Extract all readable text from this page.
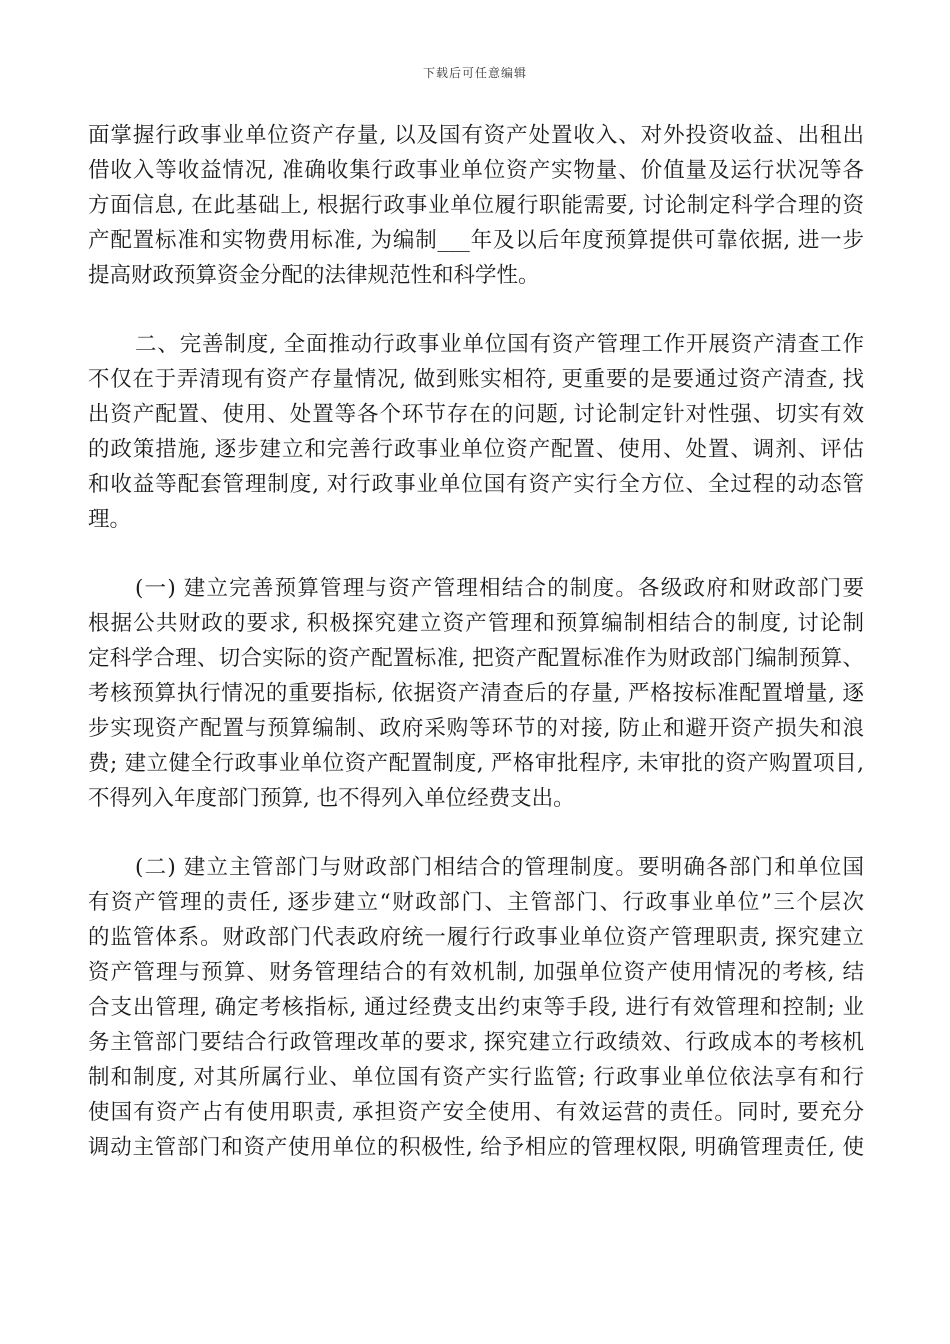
下载后可任意编辑
面掌握行政事业单位资产存量, 以及国有资产处置收入、对外投资收益、出租出
借收入等收益情况, 准确收集行政事业单位资产实物量、价值量及运行状况等各
方面信息, 在此基础上, 根据行政事业单位履行职能需要, 讨论制定科学合理的资
产配置标准和实物费用标准, 为编制___年及以后年度预算提供可靠依据, 进一步
提高财政预算资金分配的法律规范性和科学性。
二、完善制度, 全面推动行政事业单位国有资产管理工作开展资产清查工作
不仅在于弄清现有资产存量情况, 做到账实相符, 更重要的是要通过资产清查, 找
出资产配置、使用、处置等各个环节存在的问题, 讨论制定针对性强、切实有效
的政策措施, 逐步建立和完善行政事业单位资产配置、使用、处置、调剂、评估
和收益等配套管理制度, 对行政事业单位国有资产实行全方位、全过程的动态管
理。
(一) 建立完善预算管理与资产管理相结合的制度。各级政府和财政部门要
根据公共财政的要求, 积极探究建立资产管理和预算编制相结合的制度, 讨论制
定科学合理、切合实际的资产配置标准, 把资产配置标准作为财政部门编制预算、
考核预算执行情况的重要指标, 依据资产清查后的存量, 严格按标准配置增量, 逐
步实现资产配置与预算编制、政府采购等环节的对接, 防止和避开资产损失和浪
费; 建立健全行政事业单位资产配置制度, 严格审批程序, 未审批的资产购置项目,
不得列入年度部门预算, 也不得列入单位经费支出。
(二) 建立主管部门与财政部门相结合的管理制度。要明确各部门和单位国
有资产管理的责任, 逐步建立“财政部门、主管部门、行政事业单位”三个层次
的监管体系。财政部门代表政府统一履行行政事业单位资产管理职责, 探究建立
资产管理与预算、财务管理结合的有效机制, 加强单位资产使用情况的考核, 结
合支出管理, 确定考核指标, 通过经费支出约束等手段, 进行有效管理和控制; 业
务主管部门要结合行政管理改革的要求, 探究建立行政绩效、行政成本的考核机
制和制度, 对其所属行业、单位国有资产实行监管; 行政事业单位依法享有和行
使国有资产占有使用职责, 承担资产安全使用、有效运营的责任。同时, 要充分
调动主管部门和资产使用单位的积极性, 给予相应的管理权限, 明确管理责任, 使
